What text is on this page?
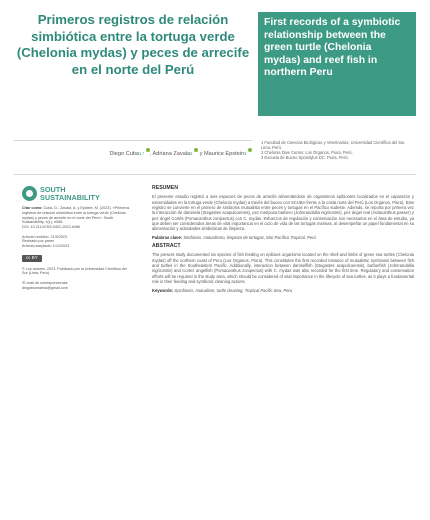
Primeros registros de relación simbiótica entre la tortuga verde (Chelonia mydas) y peces de arrecife en el norte del Perú
First records of a symbiotic relationship between the green turtle (Chelonia mydas) and reef fish in northern Peru
Diego Cuba1,* , Adriana Zavala2 y Maurice Epstein3
1 Facultad de Ciencias Biológicas y Veterinarias, Universidad Científica del Sur. Lima, Perú.
2 Chelonia Dive Center. Los Órganos, Piura, Perú.
3 Escuela de Buceo Spondylus DC. Piura, Perú.
SOUTH
SUSTAINABILITY
Citar como: Cuba, D., Zavala, A. y Epstein, M. (2023). «Primeros registros de relación simbiótica entre la tortuga verde (Chelonia mydas) y peces de arrecife en el norte del Perú». South Sustainability, 4(1), e086.
DOI: 10.21142/SS-0401-2023-e086
Artículo recibido: 21/9/2023
Revisado por pares
Artículo aceptado: 1/12/2023
cc BY
© Los autores, 2023. Publicado por la Universidad Científica del Sur (Lima, Perú)
*E-mail de correspondencia:
diegobiomarina@gmail.com
RESUMEN
El presente estudio registró a seis especies de peces de arrecife alimentándose de organismos epibiontes localizados en el caparazón y extremidades en la tortuga verde (Chelonia mydas) a través del buceo con SCUBA frente a la costa norte del Perú (Los Organos, Piura). Este registro se convierte en el primero de simbiosis mutualista entre peces y tortugas en el Pacífico sudeste. Además, se reporta por primera vez la interacción de damisela (Stegastes acapulcoensis), pez mariposa barbero (Johnrandallia nigrirostris), pez ángel real (Holacanthus passer) y pez ángel Cortés (Pomacanthus zonipectus) con C. mydas. Esfuerzos de regulación y conservación son necesarios en el área de estudio, ya que deben ser considerados áreas de vital importancia en el ciclo de vida de las tortugas marinas, al desempeñar un papel fundamental en su alimentación y actividades simbióticas de limpieza.
Palabras clave: Simbiosis, mutualismo, limpieza de tortugas, Mar Pacífico Tropical, Perú
ABSTRACT
The present study documented six species of fish feeding on epibiont organisms located on the shell and limbs of green sea turtles (Chelonia mydas) off the northern coast of Peru (Los Organos, Piura). This constitutes the first recorded instance of mutualistic symbiosis between fish and turtles in the Southeastern Pacific. Additionally, interaction between damselfish (Stegastes acapulcoensis), barberfish (Johnrandallia nigrirostris) and Cortez angelfish (Pomacanthus zonipectus) with C. mydas was also recorded for the first time. Regulatory and conservation efforts will be required in the study area, which should be considered of vital importance in the lifecycle of sea turtles, as it plays a fundamental role in their feeding and symbiotic cleaning actions.
Keywords: Symbiosis, mutualism, turtle cleaning, Tropical Pacific Sea, Peru
